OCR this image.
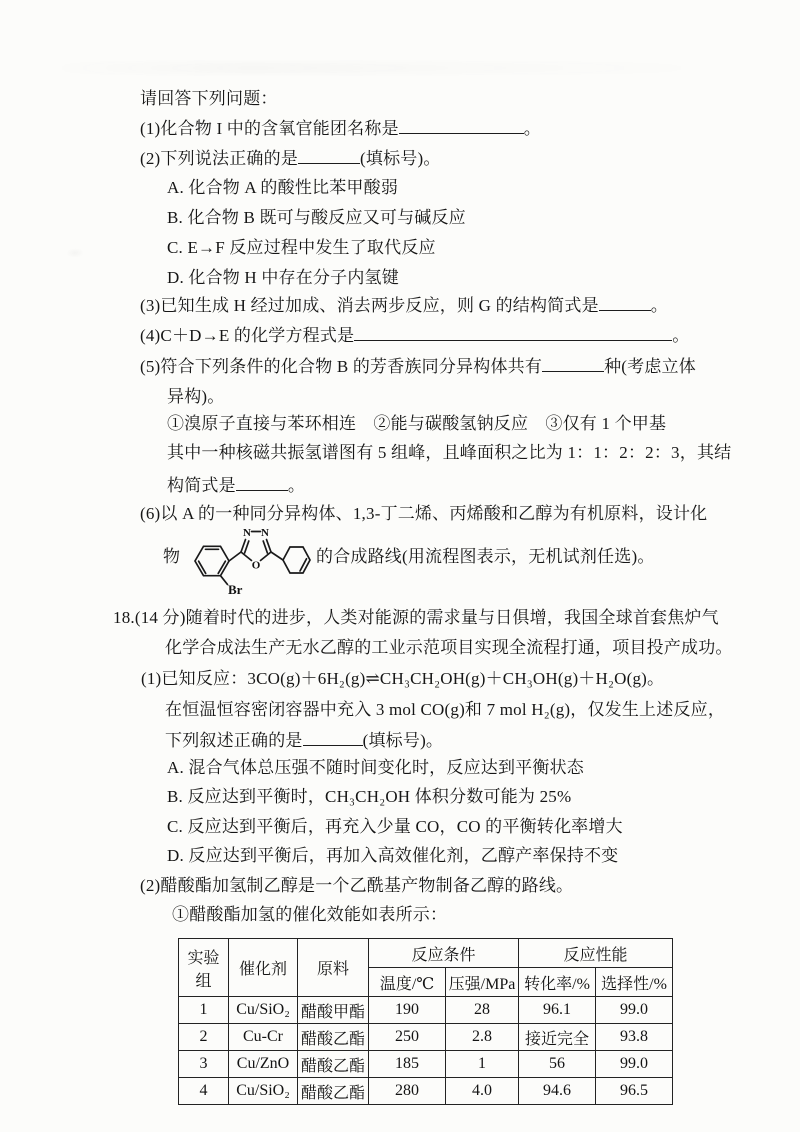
请回答下列问题：
(1)化合物 I 中的含氧官能团名称是	。
(2)下列说法正确的是	(填标号)。
A. 化合物 A 的酸性比苯甲酸弱
B. 化合物 B 既可与酸反应又可与碱反应
C. E→F 反应过程中发生了取代反应
D. 化合物 H 中存在分子内氢键
(3)已知生成 H 经过加成、消去两步反应，则 G 的结构简式是	。
(4)C＋D→E 的化学方程式是	。
(5)符合下列条件的化合物 B 的芳香族同分异构体共有	种(考虑立体
异构)。
①溴原子直接与苯环相连　②能与碳酸氢钠反应　③仅有 1 个甲基
其中一种核磁共振氢谱图有 5 组峰，且峰面积之比为 1：1：2：2：3，其结
构简式是	。
(6)以 A 的一种同分异构体、1,3-丁二烯、丙烯酸和乙醇为有机原料，设计化
物
Br
N N
O	的合成路线(用流程图表示，无机试剂任选)。
18.(14 分)随着时代的进步，人类对能源的需求量与日俱增，我国全球首套焦炉气
化学合成法生产无水乙醇的工业示范项目实现全流程打通，项目投产成功。
(1)已知反应：3CO(g)＋6H₂(g)⇌CH₃CH₂OH(g)＋CH₃OH(g)＋H₂O(g)。
在恒温恒容密闭容器中充入 3 mol CO(g)和 7 mol H₂(g)，仅发生上述反应，
下列叙述正确的是	(填标号)。
A. 混合气体总压强不随时间变化时，反应达到平衡状态
B. 反应达到平衡时，CH₃CH₂OH 体积分数可能为 25%
C. 反应达到平衡后，再充入少量 CO，CO 的平衡转化率增大
D. 反应达到平衡后，再加入高效催化剂，乙醇产率保持不变
(2)醋酸酯加氢制乙醇是一个乙酰基产物制备乙醇的路线。
①醋酸酯加氢的催化效能如表所示：
实验组	催化剂	原料	反应条件		反应性能	
			温度/℃	压强/MPa	转化率/%	选择性/%
1	Cu/SiO₂	醋酸甲酯	190	28	96.1	99.0
2	Cu-Cr	醋酸乙酯	250	2.8	接近完全	93.8
3	Cu/ZnO	醋酸乙酯	185	1	56	99.0
4	Cu/SiO₂	醋酸乙酯	280	4.0	94.6	96.5
